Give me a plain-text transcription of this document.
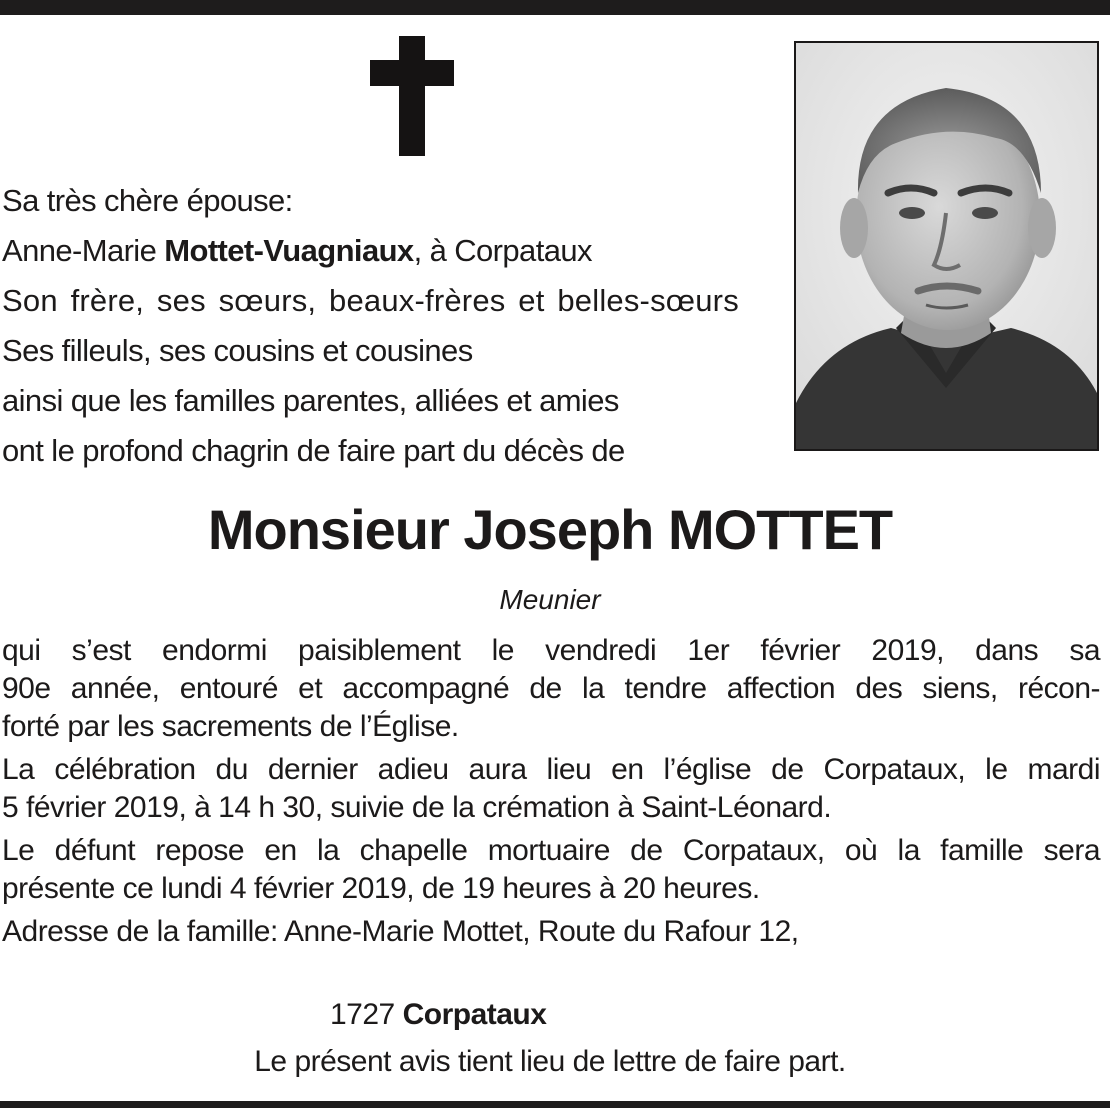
Sa très chère épouse:
Anne-Marie Mottet-Vuagniaux, à Corpataux
Son frère, ses sœurs, beaux-frères et belles-sœurs
Ses filleuls, ses cousins et cousines
ainsi que les familles parentes, alliées et amies
ont le profond chagrin de faire part du décès de
Monsieur Joseph MOTTET
Meunier
qui s’est endormi paisiblement le vendredi 1er février 2019, dans sa
90e année, entouré et accompagné de la tendre affection des siens, récon-
forté par les sacrements de l’Église.
La célébration du dernier adieu aura lieu en l’église de Corpataux, le mardi
5 février 2019, à 14 h 30, suivie de la crémation à Saint-Léonard.
Le défunt repose en la chapelle mortuaire de Corpataux, où la famille sera
présente ce lundi 4 février 2019, de 19 heures à 20 heures.
Adresse de la famille: Anne-Marie Mottet, Route du Rafour 12,
1727 Corpataux
Le présent avis tient lieu de lettre de faire part.
